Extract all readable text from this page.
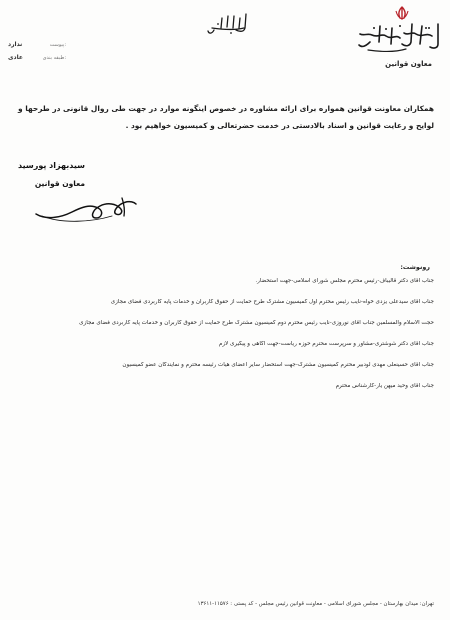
معاون قوانین
ندارد	پیوست:
عادی	طبقه بندی:
همکاران معاونت قوانین همواره برای ارائه مشاوره در خصوص اینگونه موارد در جهت طی روال قانونی در طرحها و لوایح و رعایت قوانین و اسناد بالادستی در خدمت حضرتعالی و کمیسیون خواهیم بود .
سیدبهزاد پورسید
معاون قوانین
رونوشت:
جناب آقای دکتر قالیباف-رئیس محترم مجلس شورای اسلامی-جهت استحضار.
جناب آقای سیدعلی یزدی خواه-نایب رئیس محترم اول کمیسیون مشترک طرح حمایت از حقوق کاربران و خدمات پایه کاربردی فضای مجازی
حجت الاسلام والمسلمین جناب آقای نوروزی-نایب رئیس محترم دوم کمیسیون مشترک طرح حمایت از حقوق کاربران و خدمات پایه کاربردی فضای مجازی
جناب آقای دکتر شوشتری-مشاور و سرپرست محترم حوزه ریاست-جهت آگاهی و پیگیری لازم
جناب آقای حسینعلی مهدی لودبیر محترم کمیسیون مشترک-جهت استحضار سایر اعضای هیات رئیسه محترم و نمایندگان عضو کمیسیون
جناب آقای وحید میهن یار-کارشناس محترم
تهران: میدان بهارستان - مجلس شورای اسلامی - معاونت قوانین رئیس مجلس - کد پستی : ۱۱۵۷۶-۱۳۶۱۱
